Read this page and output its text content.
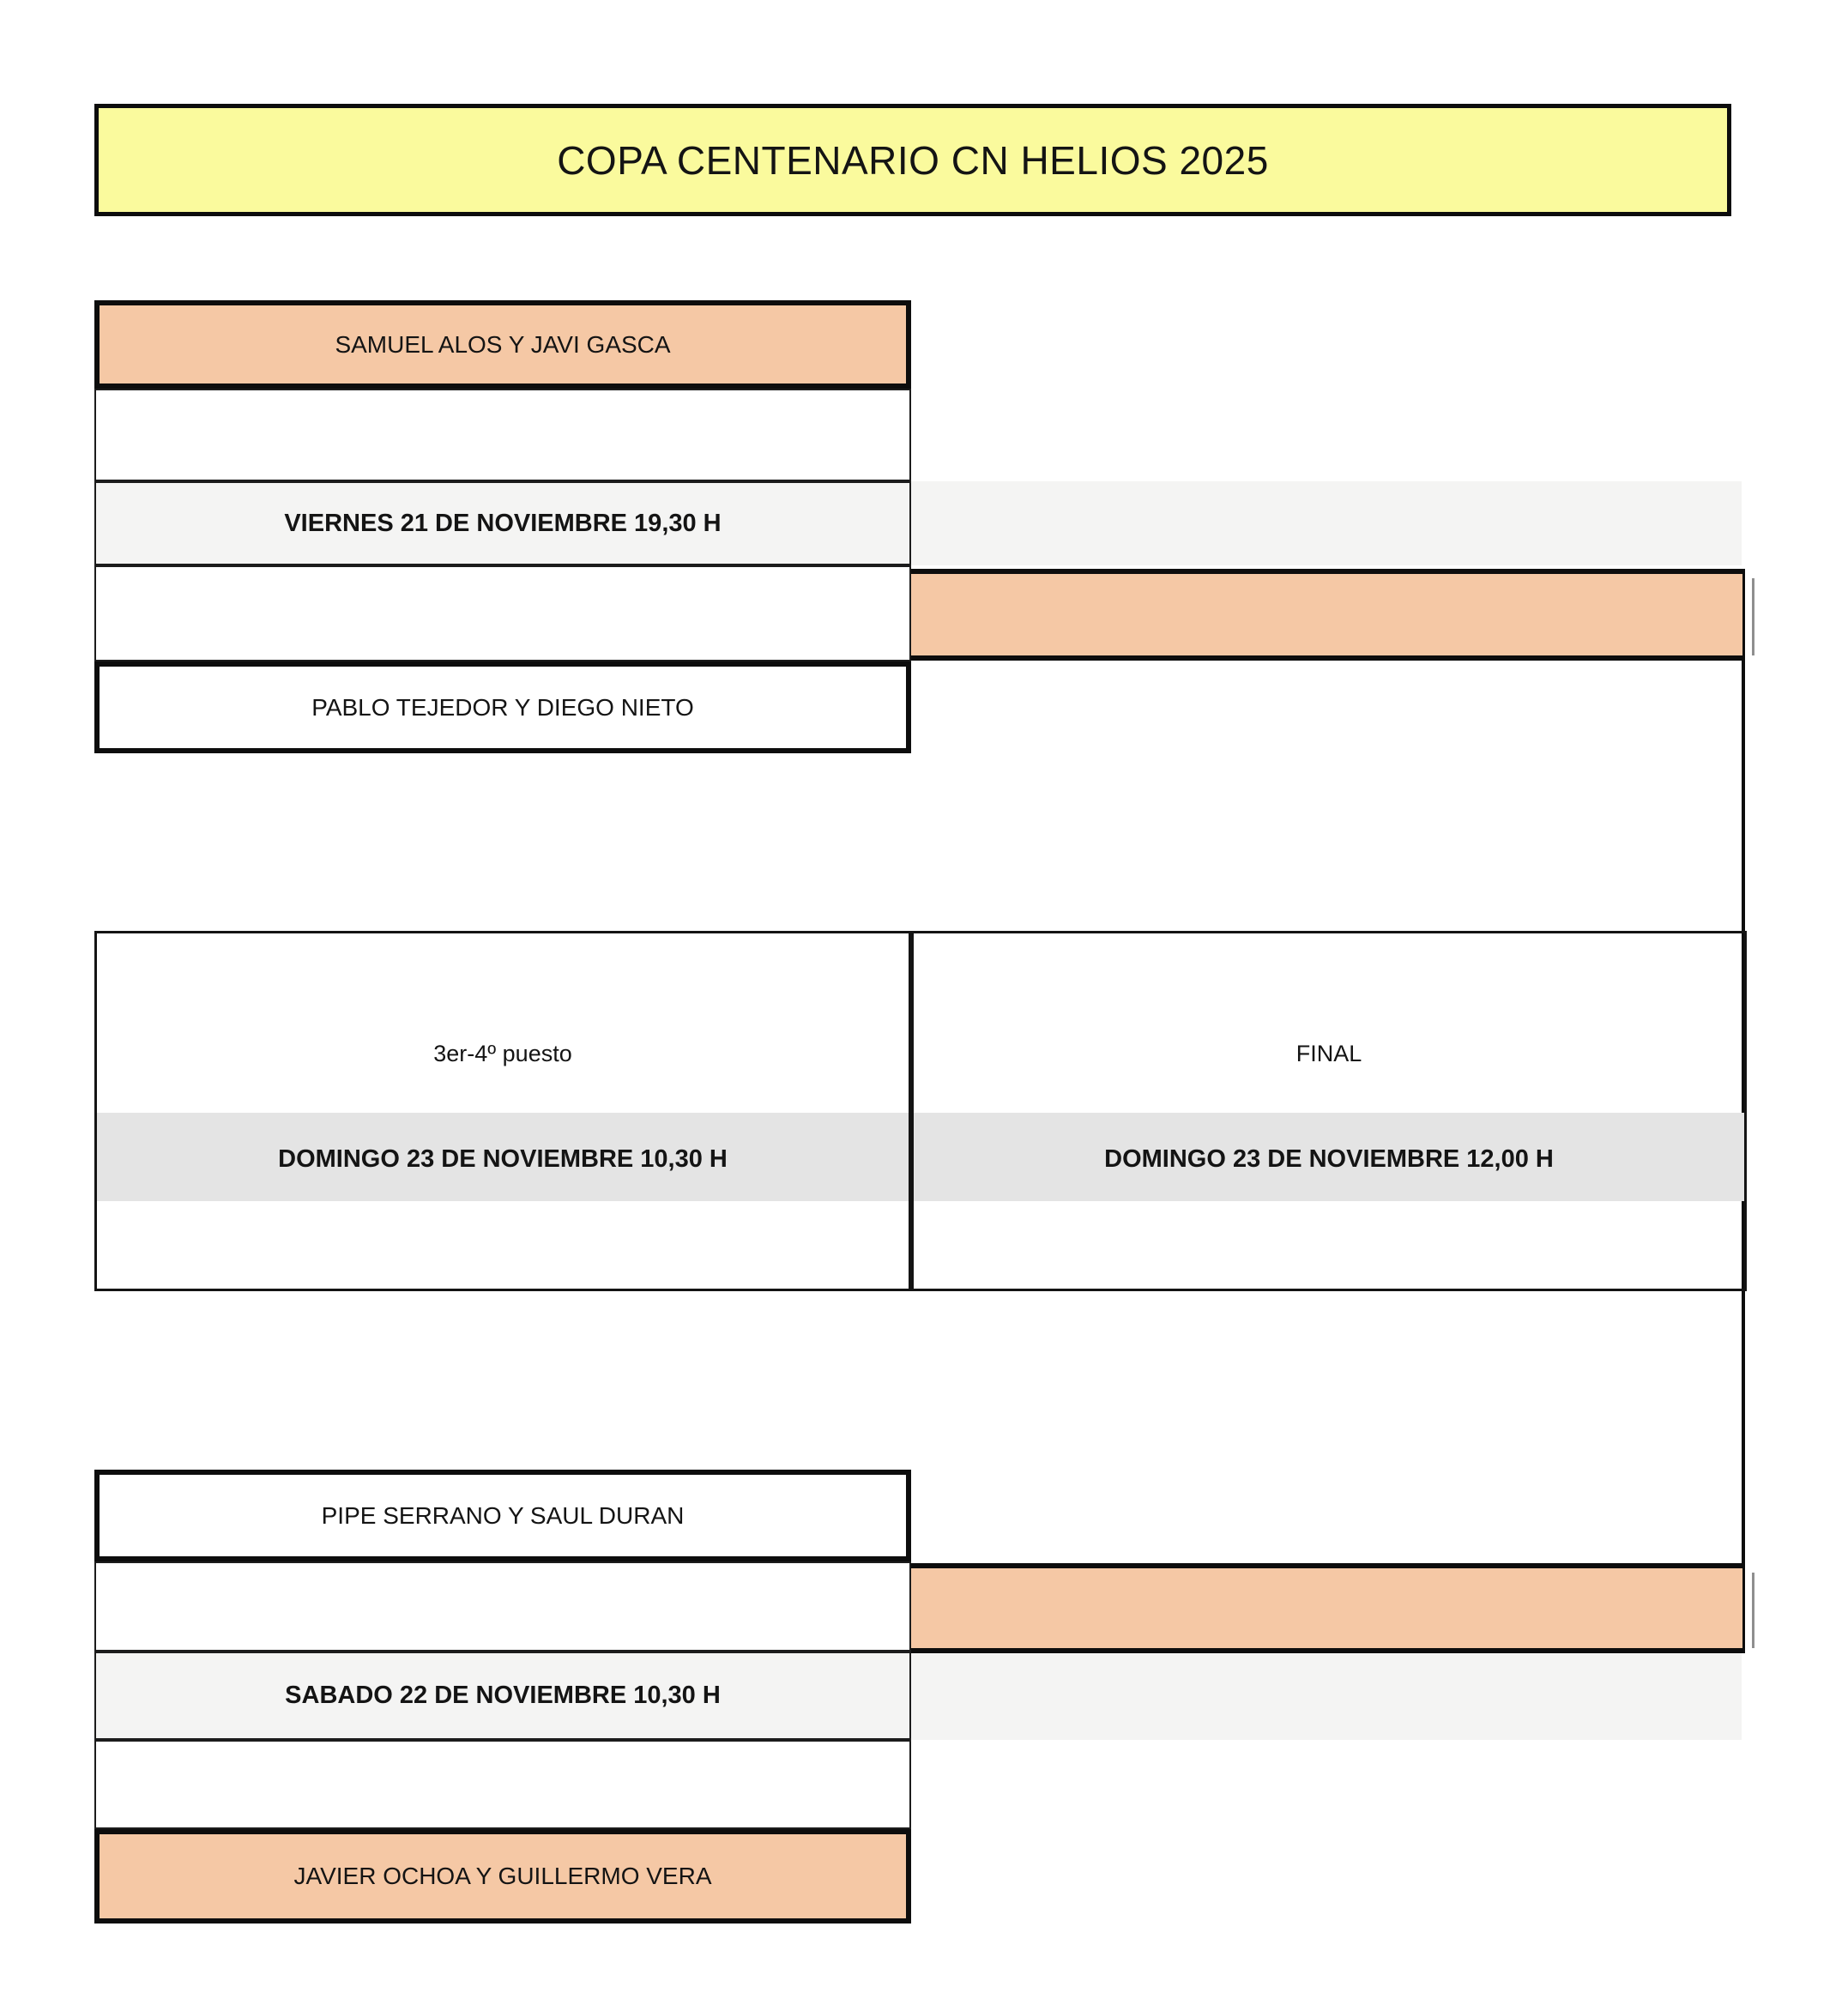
COPA CENTENARIO CN HELIOS 2025
SAMUEL ALOS Y JAVI GASCA
VIERNES 21 DE NOVIEMBRE 19,30 H
PABLO TEJEDOR Y DIEGO NIETO
3er-4º puesto
DOMINGO 23 DE NOVIEMBRE 10,30 H
FINAL
DOMINGO 23 DE NOVIEMBRE 12,00 H
PIPE SERRANO Y SAUL DURAN
SABADO 22 DE NOVIEMBRE 10,30 H
JAVIER OCHOA Y GUILLERMO VERA
